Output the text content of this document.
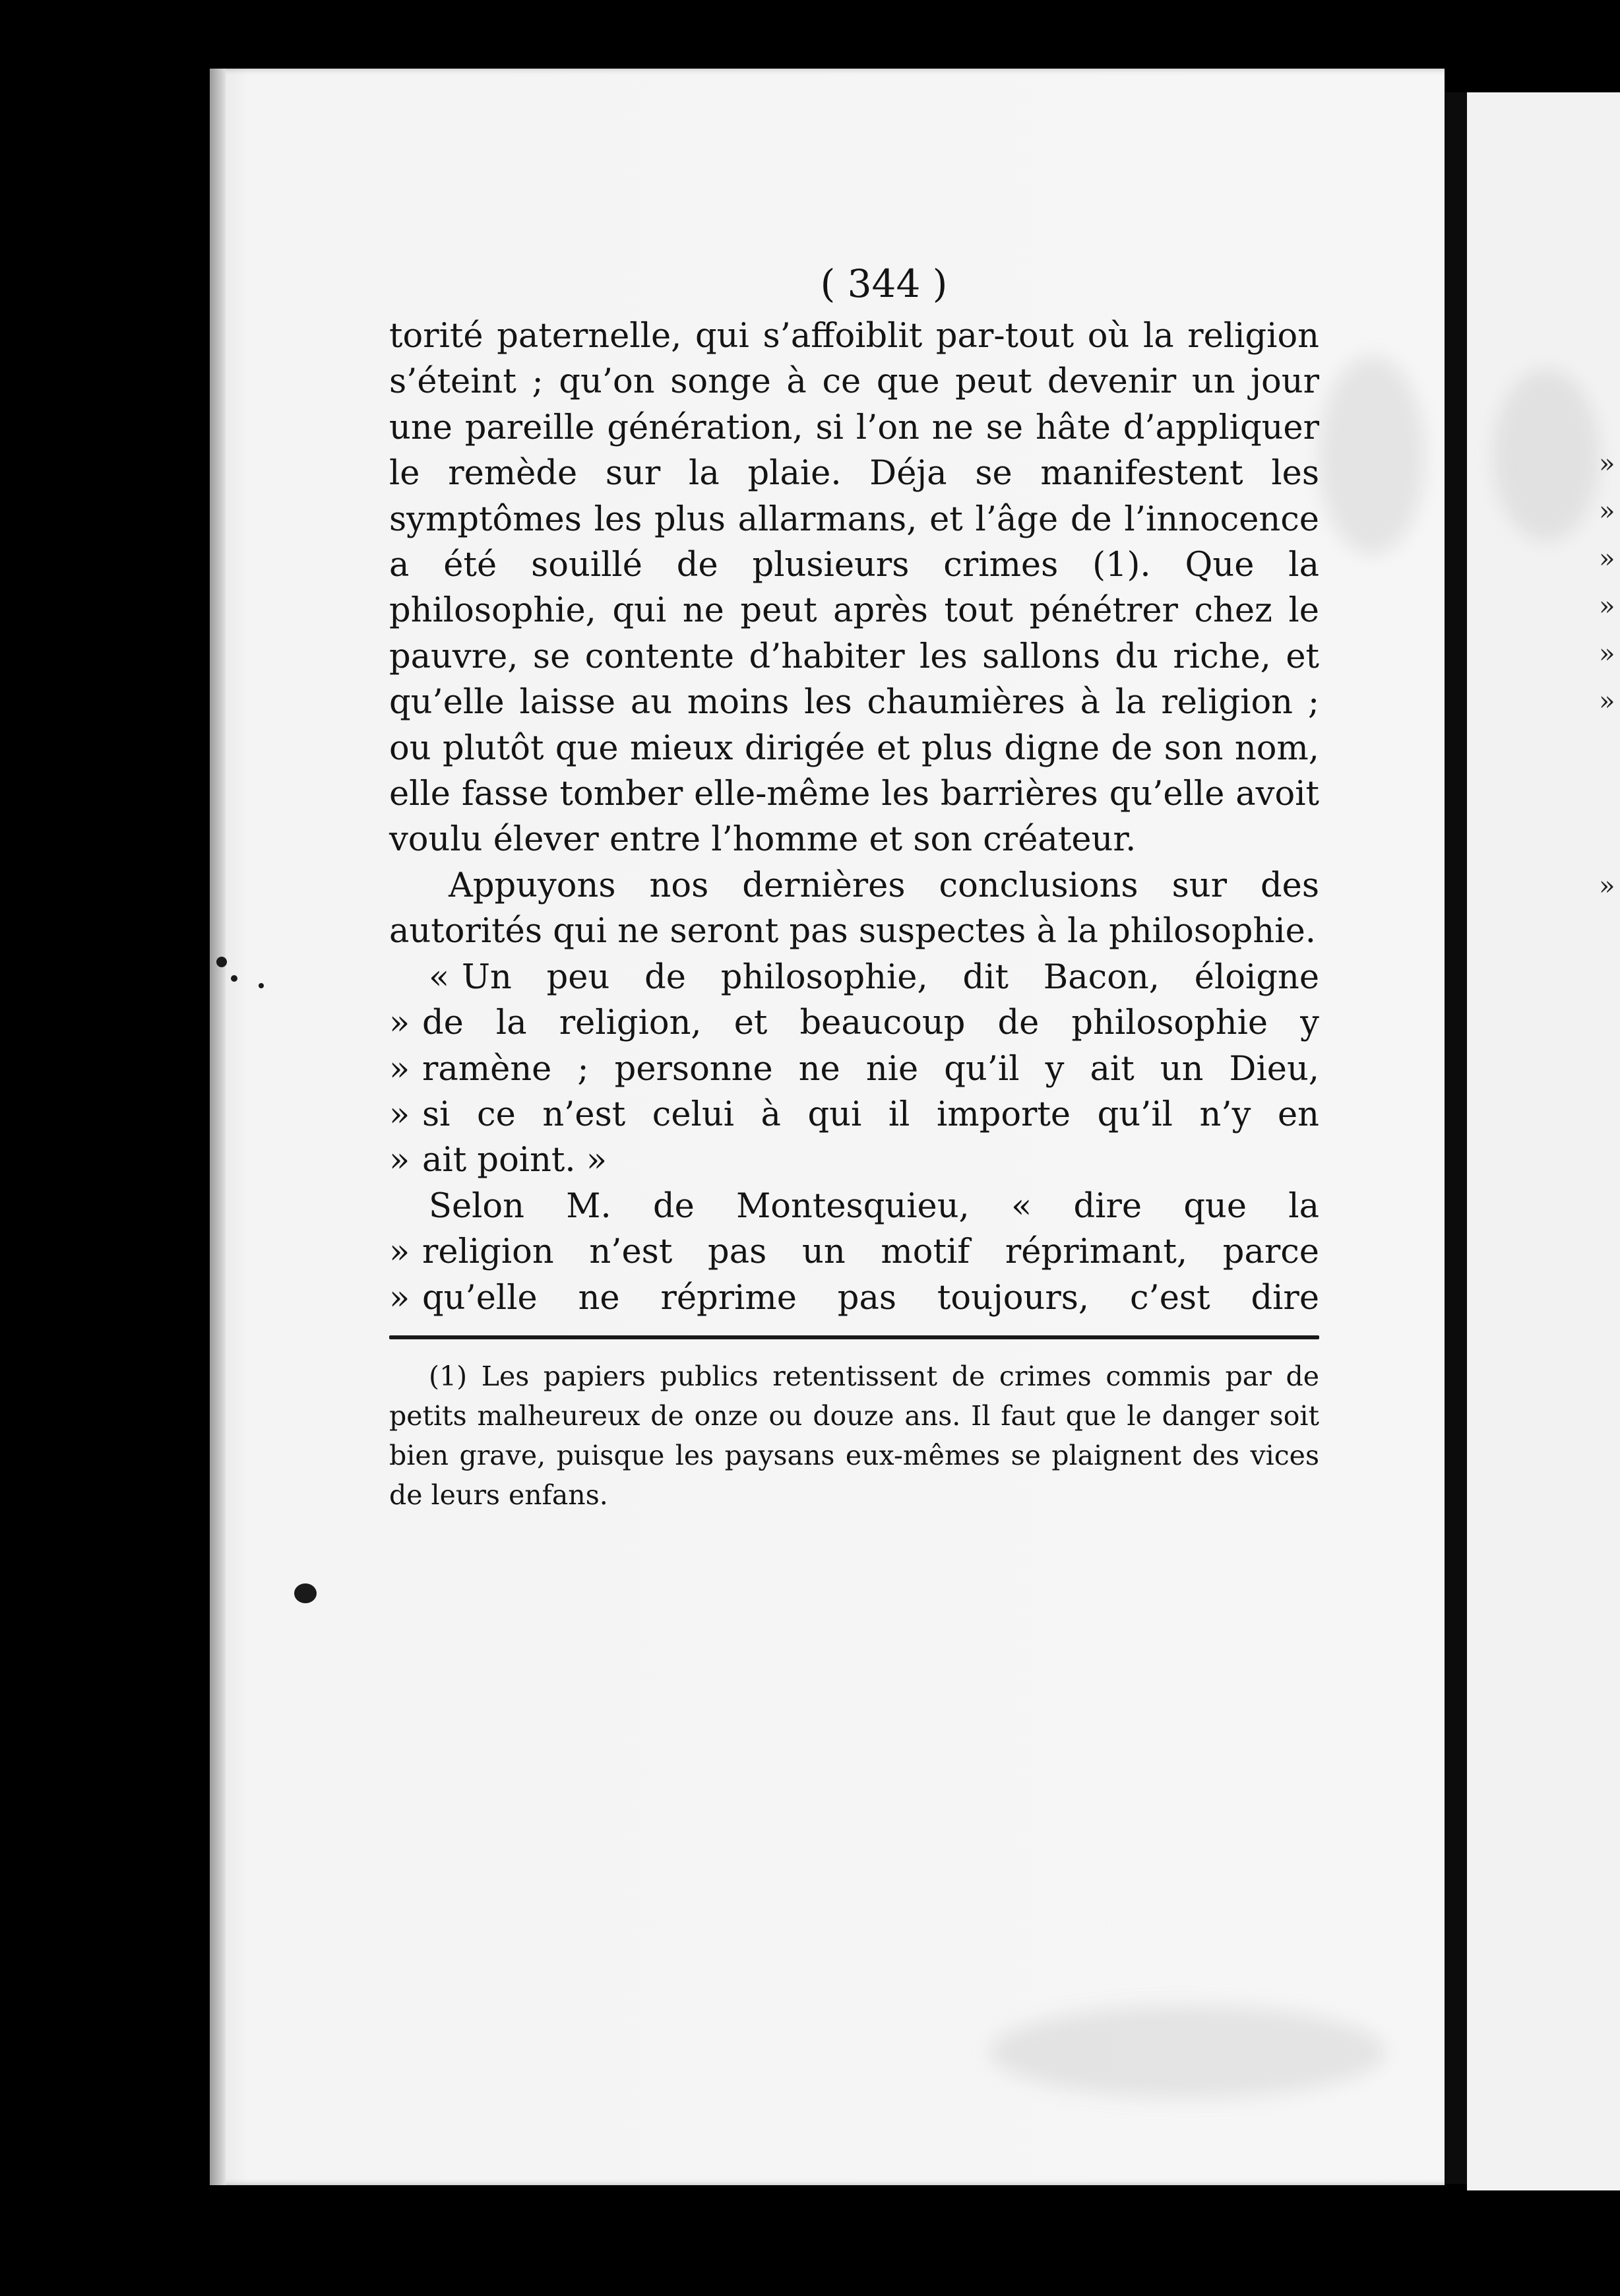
»
»
»
»
»
»
»
( 344 )

torité paternelle, qui s’affoiblit par-tout où la religion s’éteint ; qu’on songe à ce que peut devenir un jour une pareille génération, si l’on ne se hâte d’appliquer le remède sur la plaie. Déja se manifestent les symptômes les plus allarmans, et l’âge de l’innocence a été souillé de plusieurs crimes (1). Que la philosophie, qui ne peut après tout pénétrer chez le pauvre, se contente d’habiter les sallons du riche, et qu’elle laisse au moins les chaumières à la religion ; ou plutôt que mieux dirigée et plus digne de son nom, elle fasse tomber elle-même les barrières qu’elle avoit voulu élever entre l’homme et son créateur.

Appuyons nos dernières conclusions sur des autorités qui ne seront pas suspectes à la philosophie.

« Un peu de philosophie, dit Bacon, éloigne
» de la religion, et beaucoup de philosophie y
» ramène ; personne ne nie qu’il y ait un Dieu,
» si ce n’est celui à qui il importe qu’il n’y en
» ait point. »
Selon M. de Montesquieu, « dire que la
» religion n’est pas un motif réprimant, parce
» qu’elle ne réprime pas toujours, c’est dire

(1) Les papiers publics retentissent de crimes commis par de petits malheureux de onze ou douze ans. Il faut que le danger soit bien grave, puisque les paysans eux-mêmes se plaignent des vices de leurs enfans.
